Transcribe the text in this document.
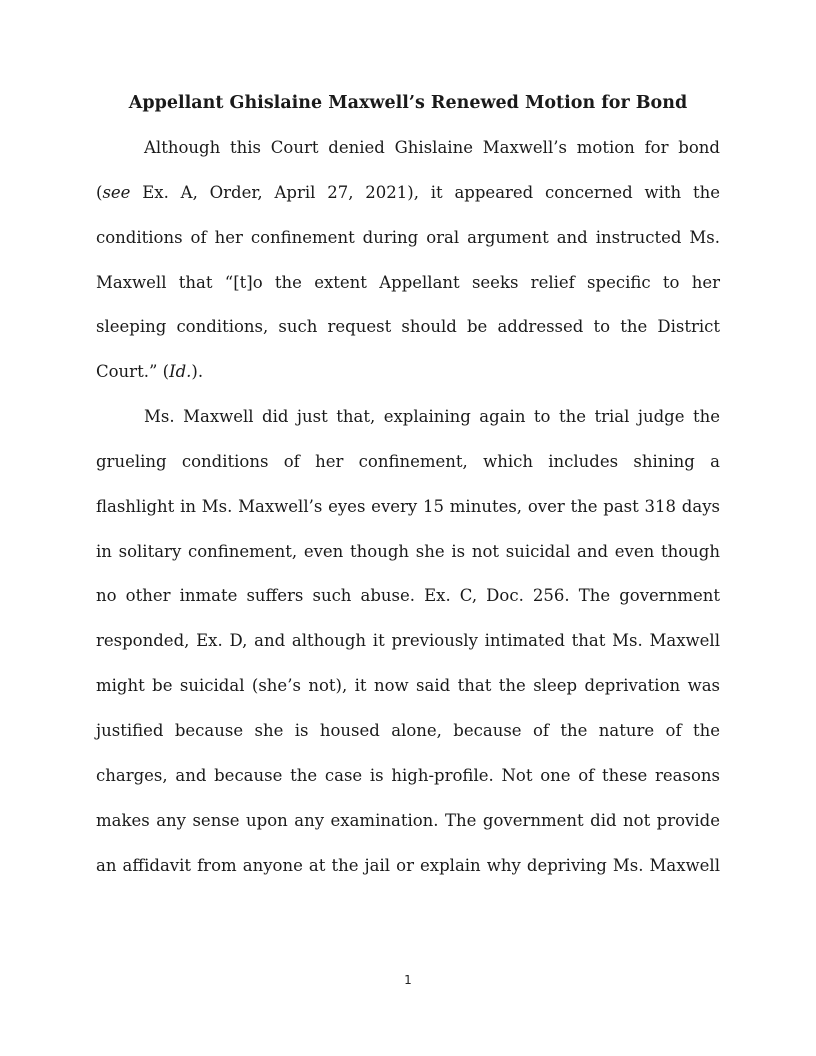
Appellant Ghislaine Maxwell’s Renewed Motion for Bond
Although this Court denied Ghislaine Maxwell’s motion for bond
(see Ex. A, Order, April 27, 2021), it appeared concerned with the
conditions of her confinement during oral argument and instructed Ms.
Maxwell that “[t]o the extent Appellant seeks relief specific to her
sleeping conditions, such request should be addressed to the District
Court.” (Id.).
Ms. Maxwell did just that, explaining again to the trial judge the
grueling conditions of her confinement, which includes shining a
flashlight in Ms. Maxwell’s eyes every 15 minutes, over the past 318 days
in solitary confinement, even though she is not suicidal and even though
no other inmate suffers such abuse. Ex. C, Doc. 256. The government
responded, Ex. D, and although it previously intimated that Ms. Maxwell
might be suicidal (she’s not), it now said that the sleep deprivation was
justified because she is housed alone, because of the nature of the
charges, and because the case is high-profile. Not one of these reasons
makes any sense upon any examination. The government did not provide
an affidavit from anyone at the jail or explain why depriving Ms. Maxwell
1
